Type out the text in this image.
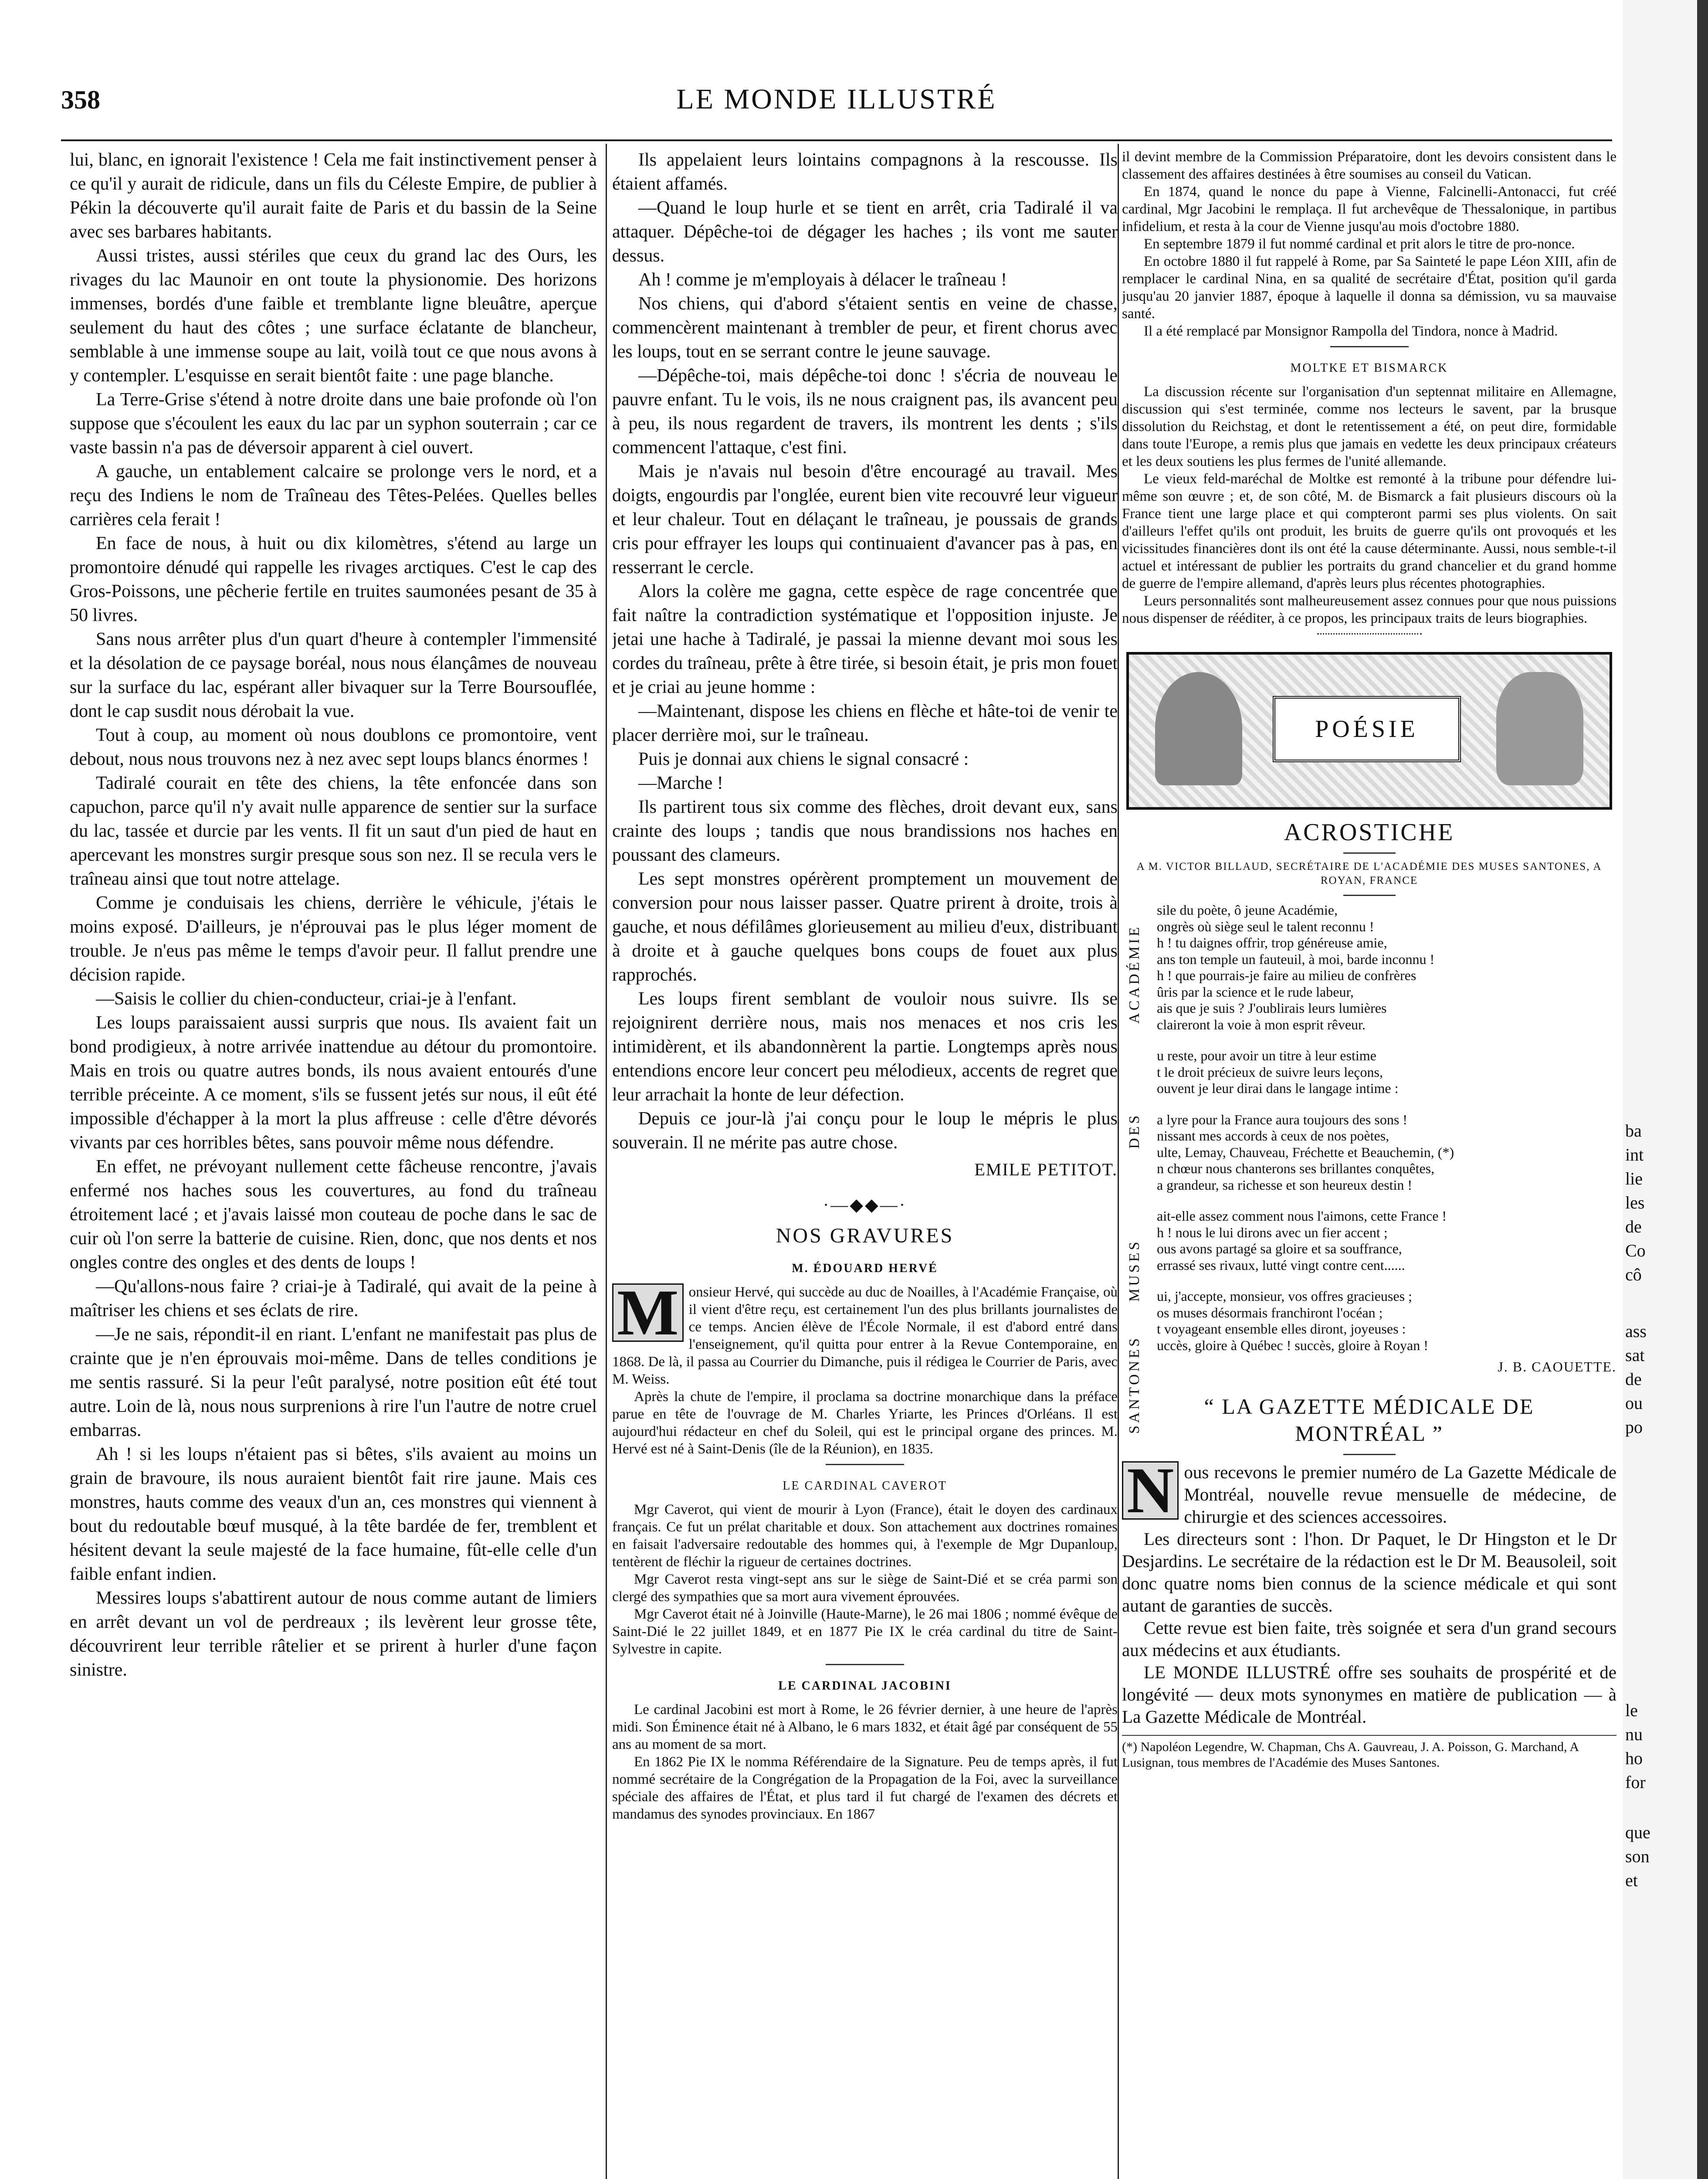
358	LE MONDE ILLUSTRÉ

lui, blanc, en ignorait l'existence ! Cela me fait instinctivement penser à ce qu'il y aurait de ridicule, dans un fils du Céleste Empire, de publier à Pékin la découverte qu'il aurait faite de Paris et du bassin de la Seine avec ses barbares habitants.

Aussi tristes, aussi stériles que ceux du grand lac des Ours, les rivages du lac Maunoir en ont toute la physionomie. Des horizons immenses, bordés d'une faible et tremblante ligne bleuâtre, aperçue seulement du haut des côtes ; une surface éclatante de blancheur, semblable à une immense soupe au lait, voilà tout ce que nous avons à y contempler. L'esquisse en serait bientôt faite : une page blanche.

La Terre-Grise s'étend à notre droite dans une baie profonde où l'on suppose que s'écoulent les eaux du lac par un syphon souterrain ; car ce vaste bassin n'a pas de déversoir apparent à ciel ouvert.

A gauche, un entablement calcaire se prolonge vers le nord, et a reçu des Indiens le nom de Traîneau des Têtes-Pelées. Quelles belles carrières cela ferait !

En face de nous, à huit ou dix kilomètres, s'étend au large un promontoire dénudé qui rappelle les rivages arctiques. C'est le cap des Gros-Poissons, une pêcherie fertile en truites saumonées pesant de 35 à 50 livres.

Sans nous arrêter plus d'un quart d'heure à contempler l'immensité et la désolation de ce paysage boréal, nous nous élançâmes de nouveau sur la surface du lac, espérant aller bivaquer sur la Terre Boursouflée, dont le cap susdit nous dérobait la vue.

Tout à coup, au moment où nous doublons ce promontoire, vent debout, nous nous trouvons nez à nez avec sept loups blancs énormes !

Tadiralé courait en tête des chiens, la tête enfoncée dans son capuchon, parce qu'il n'y avait nulle apparence de sentier sur la surface du lac, tassée et durcie par les vents. Il fit un saut d'un pied de haut en apercevant les monstres surgir presque sous son nez. Il se recula vers le traîneau ainsi que tout notre attelage.

Comme je conduisais les chiens, derrière le véhicule, j'étais le moins exposé. D'ailleurs, je n'éprouvai pas le plus léger moment de trouble. Je n'eus pas même le temps d'avoir peur. Il fallut prendre une décision rapide.

—Saisis le collier du chien-conducteur, criai-je à l'enfant.

Les loups paraissaient aussi surpris que nous. Ils avaient fait un bond prodigieux, à notre arrivée inattendue au détour du promontoire. Mais en trois ou quatre autres bonds, ils nous avaient entourés d'une terrible préceinte. A ce moment, s'ils se fussent jetés sur nous, il eût été impossible d'échapper à la mort la plus affreuse : celle d'être dévorés vivants par ces horribles bêtes, sans pouvoir même nous défendre.

En effet, ne prévoyant nullement cette fâcheuse rencontre, j'avais enfermé nos haches sous les couvertures, au fond du traîneau étroitement lacé ; et j'avais laissé mon couteau de poche dans le sac de cuir où l'on serre la batterie de cuisine. Rien, donc, que nos dents et nos ongles contre des ongles et des dents de loups !

—Qu'allons-nous faire ? criai-je à Tadiralé, qui avait de la peine à maîtriser les chiens et ses éclats de rire.

—Je ne sais, répondit-il en riant. L'enfant ne manifestait pas plus de crainte que je n'en éprouvais moi-même. Dans de telles conditions je me sentis rassuré. Si la peur l'eût paralysé, notre position eût été tout autre. Loin de là, nous nous surprenions à rire l'un l'autre de notre cruel embarras.

Ah ! si les loups n'étaient pas si bêtes, s'ils avaient au moins un grain de bravoure, ils nous auraient bientôt fait rire jaune. Mais ces monstres, hauts comme des veaux d'un an, ces monstres qui viennent à bout du redoutable bœuf musqué, à la tête bardée de fer, tremblent et hésitent devant la seule majesté de la face humaine, fût-elle celle d'un faible enfant indien.

Messires loups s'abattirent autour de nous comme autant de limiers en arrêt devant un vol de perdreaux ; ils levèrent leur grosse tête, découvrirent leur terrible râtelier et se prirent à hurler d'une façon sinistre.

Ils appelaient leurs lointains compagnons à la rescousse. Ils étaient affamés.

—Quand le loup hurle et se tient en arrêt, cria Tadiralé il va attaquer. Dépêche-toi de dégager les haches ; ils vont me sauter dessus.

Ah ! comme je m'employais à délacer le traîneau !

Nos chiens, qui d'abord s'étaient sentis en veine de chasse, commencèrent maintenant à trembler de peur, et firent chorus avec les loups, tout en se serrant contre le jeune sauvage.

—Dépêche-toi, mais dépêche-toi donc ! s'écria de nouveau le pauvre enfant. Tu le vois, ils ne nous craignent pas, ils avancent peu à peu, ils nous regardent de travers, ils montrent les dents ; s'ils commencent l'attaque, c'est fini.

Mais je n'avais nul besoin d'être encouragé au travail. Mes doigts, engourdis par l'onglée, eurent bien vite recouvré leur vigueur et leur chaleur. Tout en délaçant le traîneau, je poussais de grands cris pour effrayer les loups qui continuaient d'avancer pas à pas, en resserrant le cercle.

Alors la colère me gagna, cette espèce de rage concentrée que fait naître la contradiction systématique et l'opposition injuste. Je jetai une hache à Tadiralé, je passai la mienne devant moi sous les cordes du traîneau, prête à être tirée, si besoin était, je pris mon fouet et je criai au jeune homme :

—Maintenant, dispose les chiens en flèche et hâte-toi de venir te placer derrière moi, sur le traîneau.

Puis je donnai aux chiens le signal consacré :

—Marche !

Ils partirent tous six comme des flèches, droit devant eux, sans crainte des loups ; tandis que nous brandissions nos haches en poussant des clameurs.

Les sept monstres opérèrent promptement un mouvement de conversion pour nous laisser passer. Quatre prirent à droite, trois à gauche, et nous défilâmes glorieusement au milieu d'eux, distribuant à droite et à gauche quelques bons coups de fouet aux plus rapprochés.

Les loups firent semblant de vouloir nous suivre. Ils se rejoignirent derrière nous, mais nos menaces et nos cris les intimidèrent, et ils abandonnèrent la partie. Longtemps après nous entendions encore leur concert peu mélodieux, accents de regret que leur arrachait la honte de leur défection.

Depuis ce jour-là j'ai conçu pour le loup le mépris le plus souverain. Il ne mérite pas autre chose.

EMILE PETITOT.
·—◆◆—·
NOS GRAVURES
M. ÉDOUARD HERVÉ

M onsieur Hervé, qui succède au duc de Noailles, à l'Académie Française, où il vient d'être reçu, est certainement l'un des plus brillants journalistes de ce temps. Ancien élève de l'École Normale, il est d'abord entré dans l'enseignement, qu'il quitta pour entrer à la Revue Contemporaine, en 1868. De là, il passa au Courrier du Dimanche, puis il rédigea le Courrier de Paris, avec M. Weiss.

Après la chute de l'empire, il proclama sa doctrine monarchique dans la préface parue en tête de l'ouvrage de M. Charles Yriarte, les Princes d'Orléans. Il est aujourd'hui rédacteur en chef du Soleil, qui est le principal organe des princes. M. Hervé est né à Saint-Denis (île de la Réunion), en 1835.

LE CARDINAL CAVEROT

Mgr Caverot, qui vient de mourir à Lyon (France), était le doyen des cardinaux français. Ce fut un prélat charitable et doux. Son attachement aux doctrines romaines en faisait l'adversaire redoutable des hommes qui, à l'exemple de Mgr Dupanloup, tentèrent de fléchir la rigueur de certaines doctrines.

Mgr Caverot resta vingt-sept ans sur le siège de Saint-Dié et se créa parmi son clergé des sympathies que sa mort aura vivement éprouvées.

Mgr Caverot était né à Joinville (Haute-Marne), le 26 mai 1806 ; nommé évêque de Saint-Dié le 22 juillet 1849, et en 1877 Pie IX le créa cardinal du titre de Saint-Sylvestre in capite.

LE CARDINAL JACOBINI

Le cardinal Jacobini est mort à Rome, le 26 février dernier, à une heure de l'après midi. Son Éminence était né à Albano, le 6 mars 1832, et était âgé par conséquent de 55 ans au moment de sa mort.

En 1862 Pie IX le nomma Référendaire de la Signature. Peu de temps après, il fut nommé secrétaire de la Congrégation de la Propagation de la Foi, avec la surveillance spéciale des affaires de l'État, et plus tard il fut chargé de l'examen des décrets et mandamus des synodes provinciaux. En 1867

il devint membre de la Commission Préparatoire, dont les devoirs consistent dans le classement des affaires destinées à être soumises au conseil du Vatican.

En 1874, quand le nonce du pape à Vienne, Falcinelli-Antonacci, fut créé cardinal, Mgr Jacobini le remplaça. Il fut archevêque de Thessalonique, in partibus infidelium, et resta à la cour de Vienne jusqu'au mois d'octobre 1880.

En septembre 1879 il fut nommé cardinal et prit alors le titre de pro-nonce.

En octobre 1880 il fut rappelé à Rome, par Sa Sainteté le pape Léon XIII, afin de remplacer le cardinal Nina, en sa qualité de secrétaire d'État, position qu'il garda jusqu'au 20 janvier 1887, époque à laquelle il donna sa démission, vu sa mauvaise santé.

Il a été remplacé par Monsignor Rampolla del Tindora, nonce à Madrid.

MOLTKE ET BISMARCK

La discussion récente sur l'organisation d'un septennat militaire en Allemagne, discussion qui s'est terminée, comme nos lecteurs le savent, par la brusque dissolution du Reichstag, et dont le retentissement a été, on peut dire, formidable dans toute l'Europe, a remis plus que jamais en vedette les deux principaux créateurs et les deux soutiens les plus fermes de l'unité allemande.

Le vieux feld-maréchal de Moltke est remonté à la tribune pour défendre lui-même son œuvre ; et, de son côté, M. de Bismarck a fait plusieurs discours où la France tient une large place et qui compteront parmi ses plus violents. On sait d'ailleurs l'effet qu'ils ont produit, les bruits de guerre qu'ils ont provoqués et les vicissitudes financières dont ils ont été la cause déterminante. Aussi, nous semble-t-il actuel et intéressant de publier les portraits du grand chancelier et du grand homme de guerre de l'empire allemand, d'après leurs plus récentes photographies.

Leurs personnalités sont malheureusement assez connues pour que nous puissions nous dispenser de rééditer, à ce propos, les principaux traits de leurs biographies.

POÉSIE
ACROSTICHE
A M. VICTOR BILLAUD, SECRÉTAIRE DE L'ACADÉMIE DES MUSES SANTONES, A ROYAN, FRANCE
ACADÉMIE
DES
MUSES
SANTONES
sile du poète, ô jeune Académie,
ongrès où siège seul le talent reconnu !
h ! tu daignes offrir, trop généreuse amie,
ans ton temple un fauteuil, à moi, barde inconnu !
h ! que pourrais-je faire au milieu de confrères
ûris par la science et le rude labeur,
ais que je suis ? J'oublirais leurs lumières
claireront la voie à mon esprit rêveur.
u reste, pour avoir un titre à leur estime
t le droit précieux de suivre leurs leçons,
ouvent je leur dirai dans le langage intime :
a lyre pour la France aura toujours des sons !
nissant mes accords à ceux de nos poètes,
ulte, Lemay, Chauveau, Fréchette et Beauchemin, (*)
n chœur nous chanterons ses brillantes conquêtes,
a grandeur, sa richesse et son heureux destin !
ait-elle assez comment nous l'aimons, cette France !
h ! nous le lui dirons avec un fier accent ;
ous avons partagé sa gloire et sa souffrance,
errassé ses rivaux, lutté vingt contre cent......
ui, j'accepte, monsieur, vos offres gracieuses ;
os muses désormais franchiront l'océan ;
t voyageant ensemble elles diront, joyeuses :
uccès, gloire à Québec ! succès, gloire à Royan !
J. B. CAOUETTE.
“ LA GAZETTE MÉDICALE DE
MONTRÉAL ”

N ous recevons le premier numéro de La Gazette Médicale de Montréal, nouvelle revue mensuelle de médecine, de chirurgie et des sciences accessoires.

Les directeurs sont : l'hon. Dr Paquet, le Dr Hingston et le Dr Desjardins. Le secrétaire de la rédaction est le Dr M. Beausoleil, soit donc quatre noms bien connus de la science médicale et qui sont autant de garanties de succès.

Cette revue est bien faite, très soignée et sera d'un grand secours aux médecins et aux étudiants.

LE MONDE ILLUSTRÉ offre ses souhaits de prospérité et de longévité — deux mots synonymes en matière de publication — à La Gazette Médicale de Montréal.

(*) Napoléon Legendre, W. Chapman, Chs A. Gauvreau, J. A. Poisson, G. Marchand, A Lusignan, tous membres de l'Académie des Muses Santones.
ba
int
lie
les
de
Co
cô
ass
sat
de
ou
po
le
nu
ho
for
que
son
et
